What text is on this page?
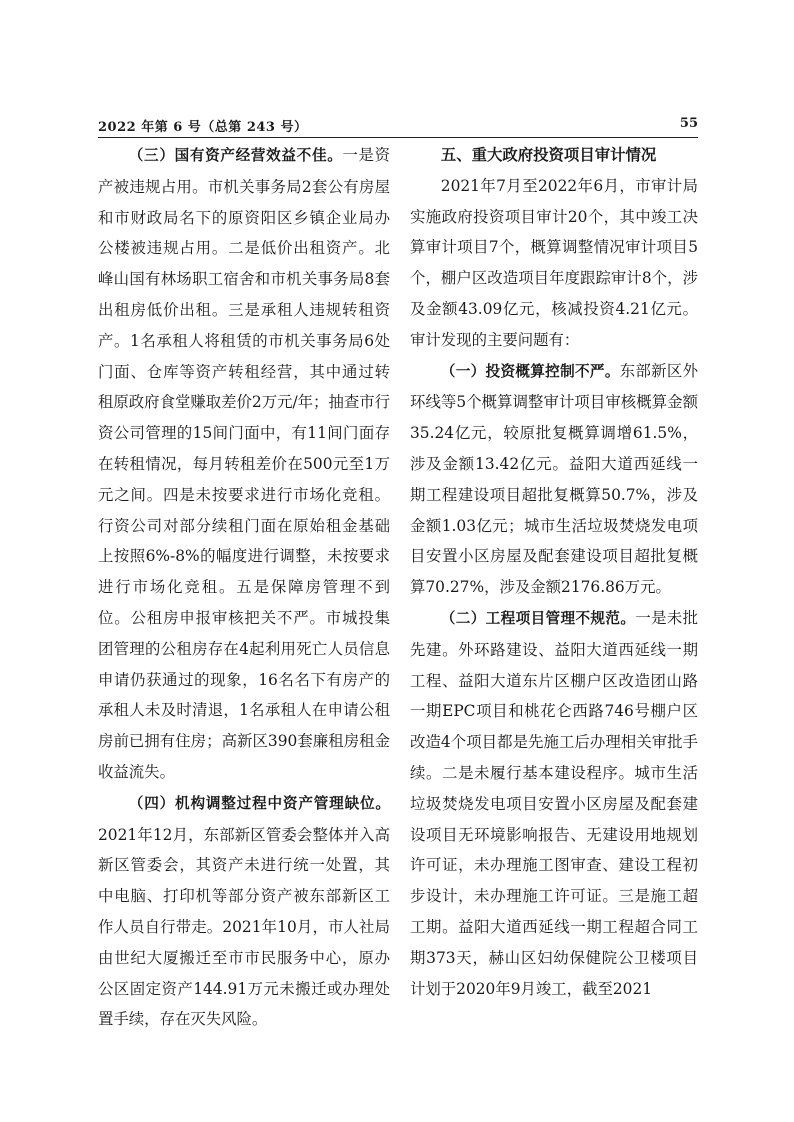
2022 年第 6 号（总第 243 号）	55

（三）国有资产经营效益不佳。一是资产被违规占用。市机关事务局2套公有房屋和市财政局名下的原资阳区乡镇企业局办公楼被违规占用。二是低价出租资产。北峰山国有林场职工宿舍和市机关事务局8套出租房低价出租。三是承租人违规转租资产。1名承租人将租赁的市机关事务局6处门面、仓库等资产转租经营，其中通过转租原政府食堂赚取差价2万元/年；抽查市行资公司管理的15间门面中，有11间门面存在转租情况，每月转租差价在500元至1万元之间。四是未按要求进行市场化竞租。行资公司对部分续租门面在原始租金基础上按照6%-8%的幅度进行调整，未按要求进行市场化竞租。五是保障房管理不到位。公租房申报审核把关不严。市城投集团管理的公租房存在4起利用死亡人员信息申请仍获通过的现象，16名名下有房产的承租人未及时清退，1名承租人在申请公租房前已拥有住房；高新区390套廉租房租金收益流失。

（四）机构调整过程中资产管理缺位。2021年12月，东部新区管委会整体并入高新区管委会，其资产未进行统一处置，其中电脑、打印机等部分资产被东部新区工作人员自行带走。2021年10月，市人社局由世纪大厦搬迁至市市民服务中心，原办公区固定资产144.91万元未搬迁或办理处置手续，存在灭失风险。

五、重大政府投资项目审计情况

2021年7月至2022年6月，市审计局实施政府投资项目审计20个，其中竣工决算审计项目7个，概算调整情况审计项目5个，棚户区改造项目年度跟踪审计8个，涉及金额43.09亿元，核减投资4.21亿元。审计发现的主要问题有：

（一）投资概算控制不严。东部新区外环线等5个概算调整审计项目审核概算金额35.24亿元，较原批复概算调增61.5%，涉及金额13.42亿元。益阳大道西延线一期工程建设项目超批复概算50.7%，涉及金额1.03亿元；城市生活垃圾焚烧发电项目安置小区房屋及配套建设项目超批复概算70.27%，涉及金额2176.86万元。

（二）工程项目管理不规范。一是未批先建。外环路建设、益阳大道西延线一期工程、益阳大道东片区棚户区改造团山路一期EPC项目和桃花仑西路746号棚户区改造4个项目都是先施工后办理相关审批手续。二是未履行基本建设程序。城市生活垃圾焚烧发电项目安置小区房屋及配套建设项目无环境影响报告、无建设用地规划许可证，未办理施工图审查、建设工程初步设计，未办理施工许可证。三是施工超工期。益阳大道西延线一期工程超合同工期373天，赫山区妇幼保健院公卫楼项目计划于2020年9月竣工，截至2021
